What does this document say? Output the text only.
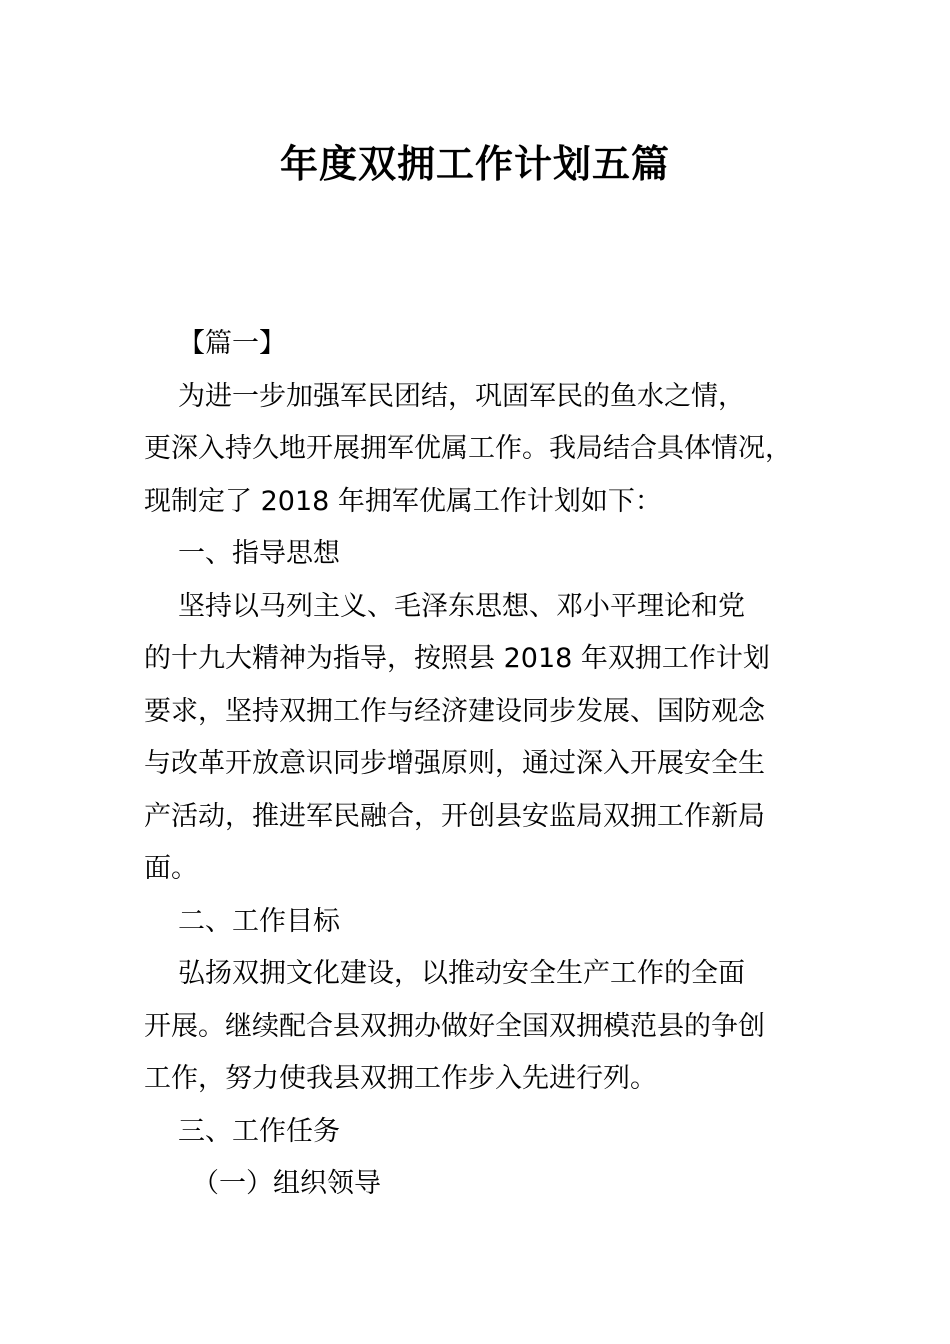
年度双拥工作计划五篇
【篇一】
为进一步加强军民团结，巩固军民的鱼水之情，
更深入持久地开展拥军优属工作。我局结合具体情况，
现制定了 2018 年拥军优属工作计划如下：
一、指导思想
坚持以马列主义、毛泽东思想、邓小平理论和党
的十九大精神为指导，按照县 2018 年双拥工作计划
要求，坚持双拥工作与经济建设同步发展、国防观念
与改革开放意识同步增强原则，通过深入开展安全生
产活动，推进军民融合，开创县安监局双拥工作新局
面。
二、工作目标
弘扬双拥文化建设，以推动安全生产工作的全面
开展。继续配合县双拥办做好全国双拥模范县的争创
工作，努力使我县双拥工作步入先进行列。
三、工作任务
（一）组织领导
